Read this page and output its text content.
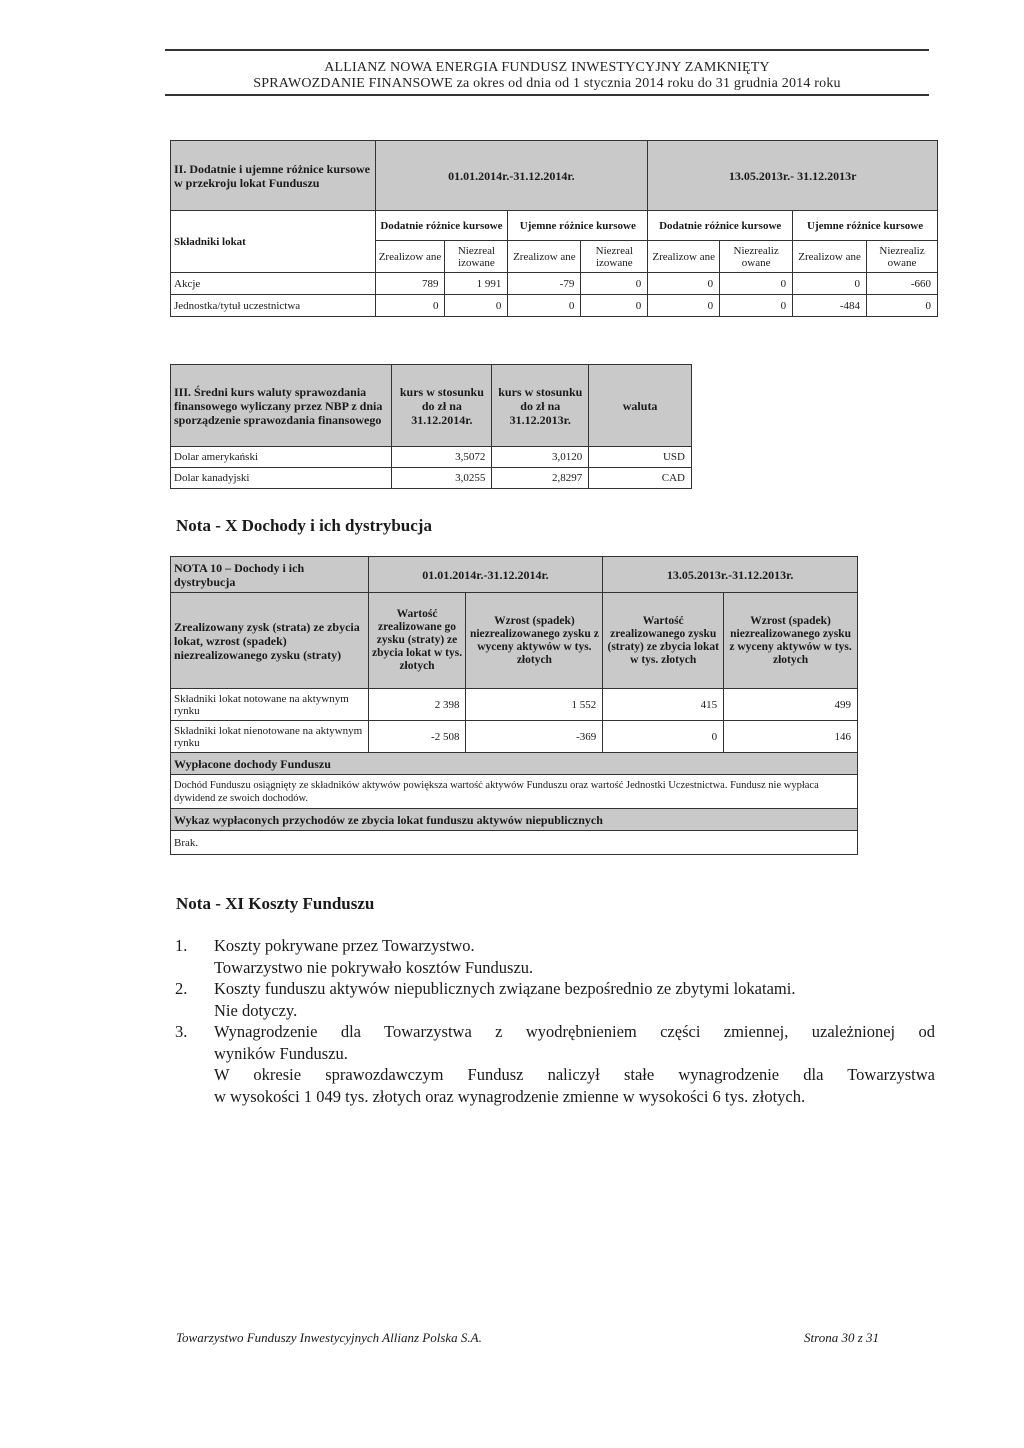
ALLIANZ NOWA ENERGIA FUNDUSZ INWESTYCYJNY ZAMKNIĘTY
SPRAWOZDANIE FINANSOWE za okres od dnia od 1 stycznia 2014 roku do 31 grudnia 2014 roku
II. Dodatnie i ujemne różnice kursowe w przekroju lokat Funduszu	01.01.2014r.-31.12.2014r.				13.05.2013r.- 31.12.2013r			
Składniki lokat	Dodatnie różnice kursowe		Ujemne różnice kursowe		Dodatnie różnice kursowe		Ujemne różnice kursowe	
	Zrealizow ane	Niezreal izowane	Zrealizow ane	Niezreal izowane	Zrealizow ane	Niezrealiz owane	Zrealizow ane	Niezrealiz owane
Akcje	789	1 991	-79	0	0	0	0	-660
Jednostka/tytuł uczestnictwa	0	0	0	0	0	0	-484	0
III. Średni kurs waluty sprawozdania finansowego wyliczany przez NBP z dnia sporządzenie sprawozdania finansowego	kurs w stosunku do zł na 31.12.2014r.	kurs w stosunku do zł na 31.12.2013r.	waluta
Dolar amerykański	3,5072	3,0120	USD
Dolar kanadyjski	3,0255	2,8297	CAD
Nota - X Dochody i ich dystrybucja
NOTA 10 – Dochody i ich dystrybucja	01.01.2014r.-31.12.2014r.		13.05.2013r.-31.12.2013r.	
Zrealizowany zysk (strata) ze zbycia lokat, wzrost (spadek) niezrealizowanego zysku (straty)	Wartość zrealizowane go zysku (straty) ze zbycia lokat w tys. złotych	Wzrost (spadek) niezrealizowanego zysku z wyceny aktywów w tys. złotych	Wartość zrealizowanego zysku (straty) ze zbycia lokat w tys. złotych	Wzrost (spadek) niezrealizowanego zysku z wyceny aktywów w tys. złotych
Składniki lokat notowane na aktywnym rynku	2 398	1 552	415	499
Składniki lokat nienotowane na aktywnym rynku	-2 508	-369	0	146
Wypłacone dochody Funduszu				
Dochód Funduszu osiągnięty ze składników aktywów powiększa wartość aktywów Funduszu oraz wartość Jednostki Uczestnictwa. Fundusz nie wypłaca dywidend ze swoich dochodów.				
Wykaz wypłaconych przychodów ze zbycia lokat funduszu aktywów niepublicznych				
Brak.				
Nota - XI Koszty Funduszu
1.	Koszty pokrywane przez Towarzystwo.
Towarzystwo nie pokrywało kosztów Funduszu.
2.	Koszty funduszu aktywów niepublicznych związane bezpośrednio ze zbytymi lokatami.
Nie dotyczy.
3.	Wynagrodzenie dla Towarzystwa z wyodrębnieniem części zmiennej, uzależnionej od
wyników Funduszu.
W okresie sprawozdawczym Fundusz naliczył stałe wynagrodzenie dla Towarzystwa
w wysokości 1 049 tys. złotych oraz wynagrodzenie zmienne w wysokości 6 tys. złotych.
Towarzystwo Funduszy Inwestycyjnych Allianz Polska S.A.	Strona 30 z 31
